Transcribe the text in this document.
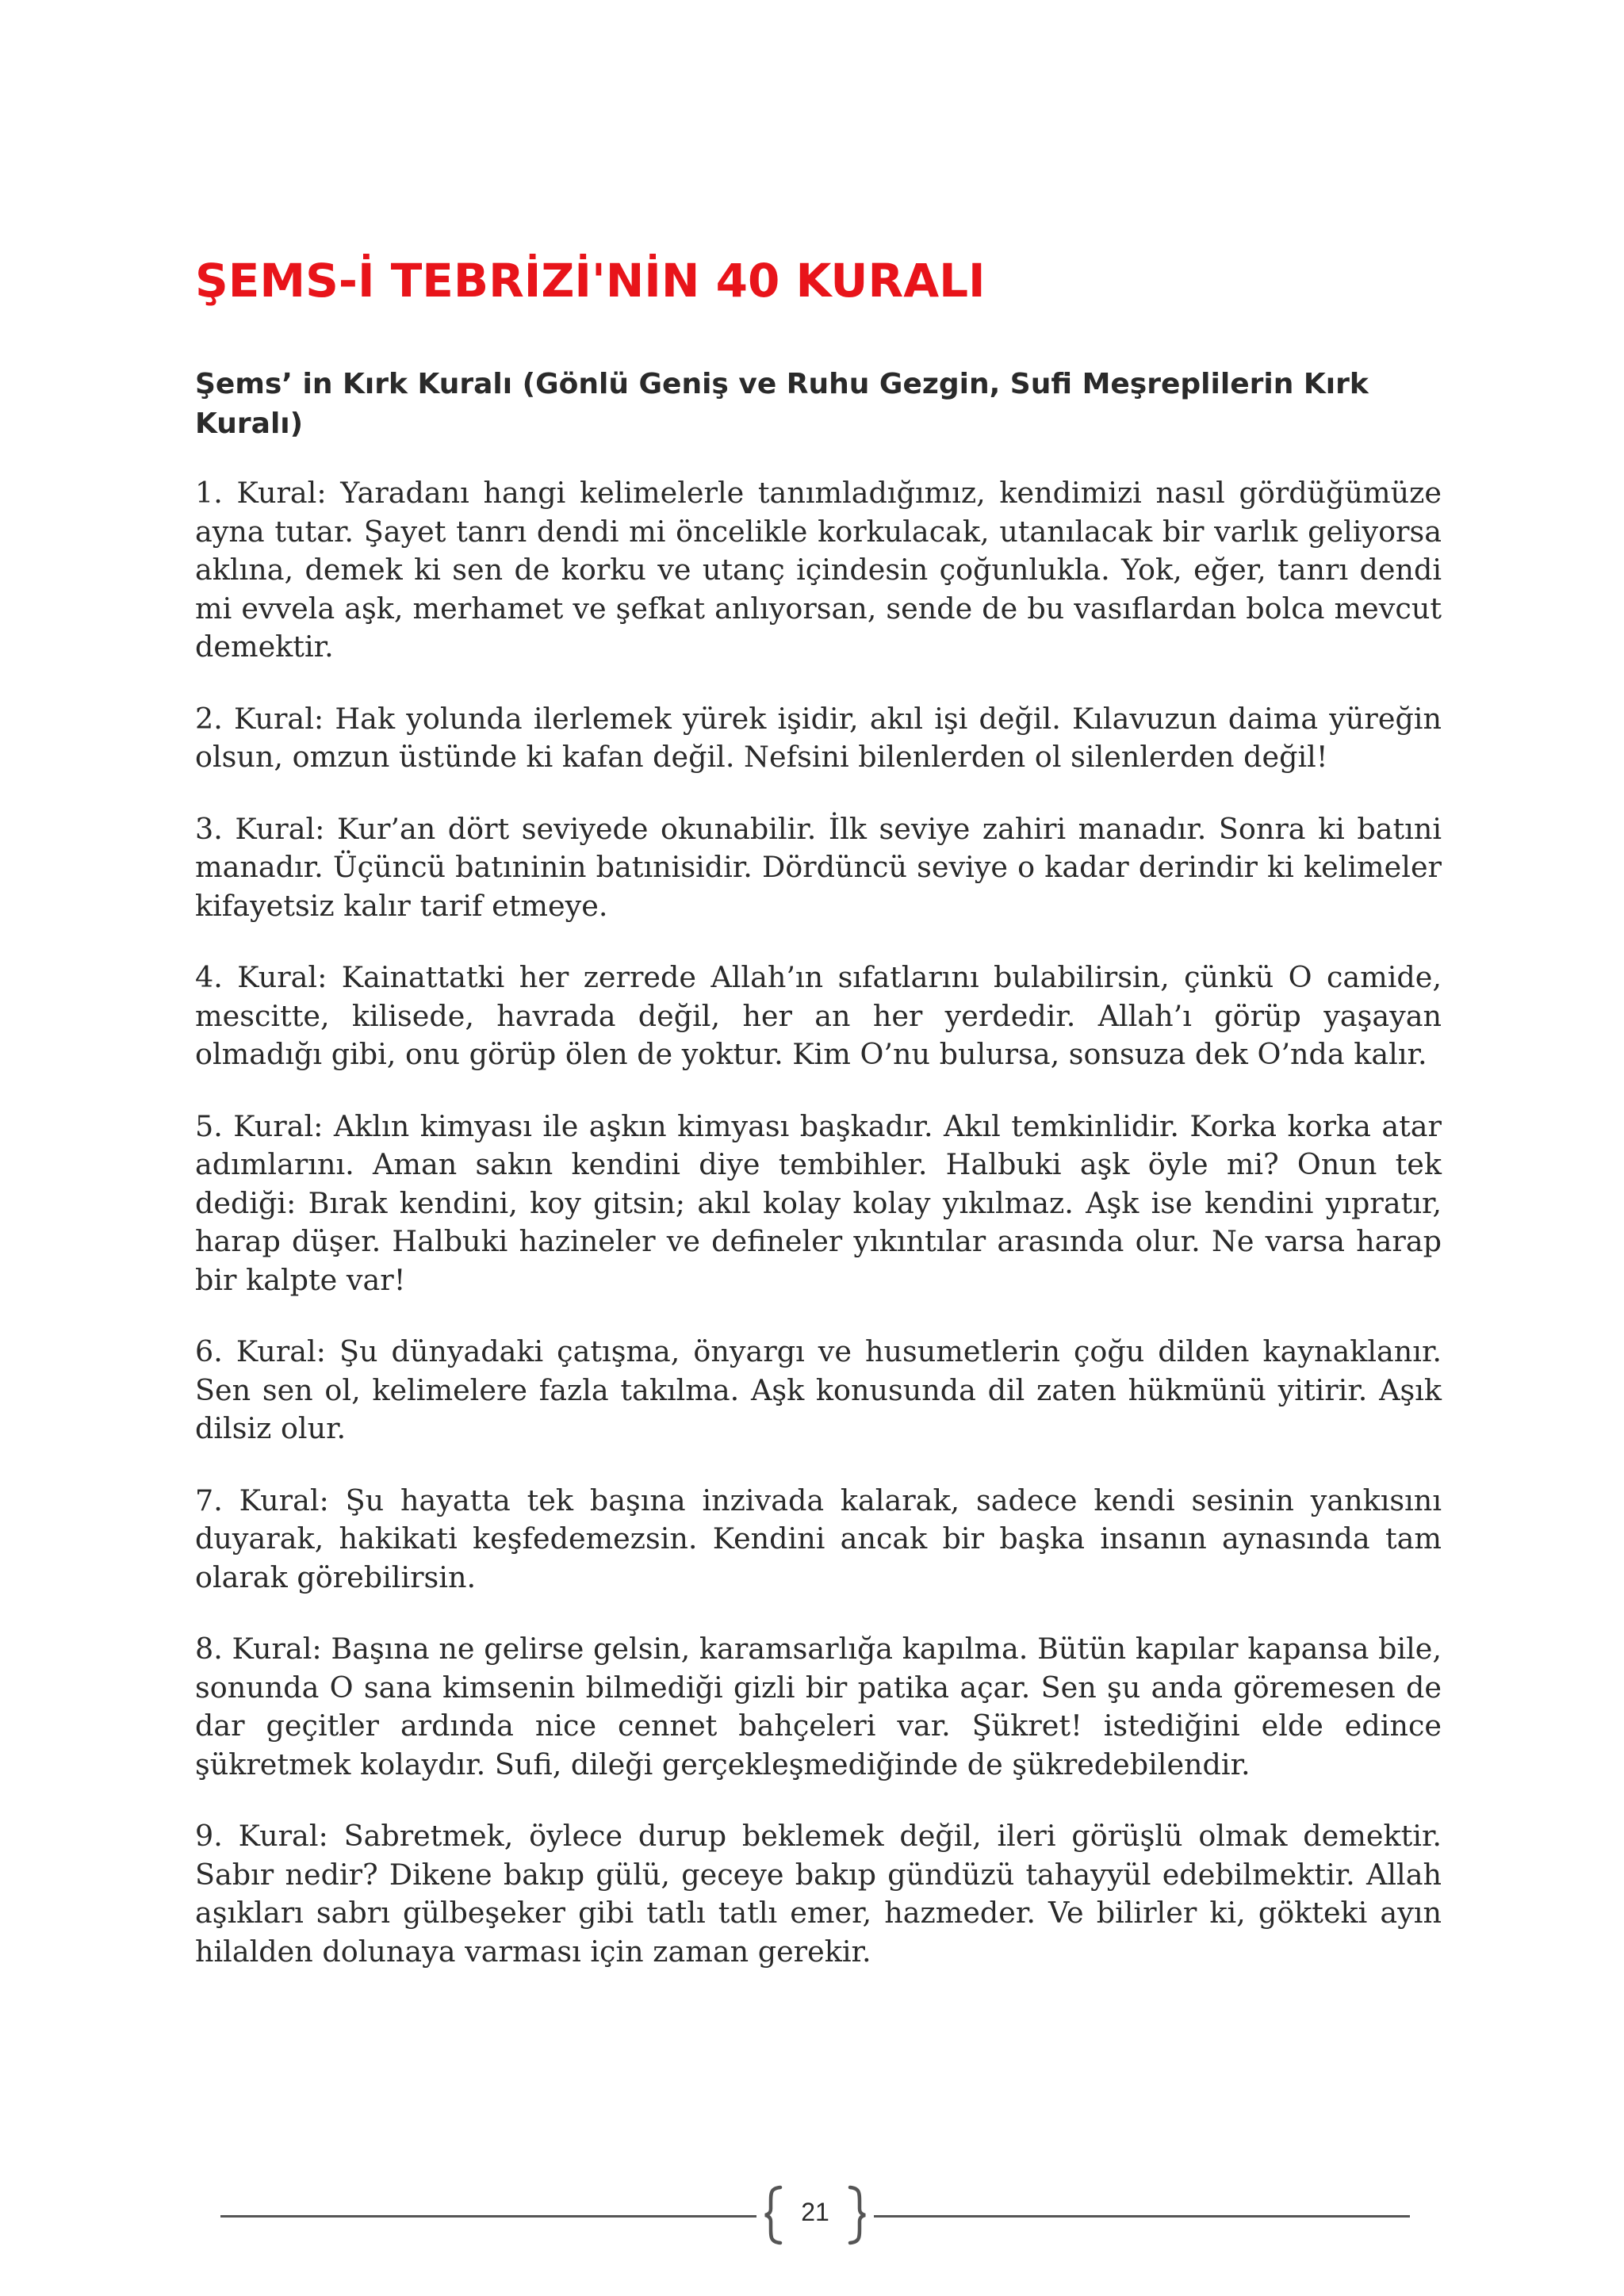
ŞEMS-İ TEBRİZİ'NİN 40 KURALI
Şems’ in Kırk Kuralı (Gönlü Geniş ve Ruhu Gezgin, Sufi Meşreplilerin Kırk Kuralı)

1. Kural: Yaradanı hangi kelimelerle tanımladığımız, kendimizi nasıl gördüğümüze ayna tutar. Şayet tanrı dendi mi öncelikle korkulacak, utanılacak bir varlık geliyorsa aklına, demek ki sen de korku ve utanç içindesin çoğunlukla. Yok, eğer, tanrı dendi mi evvela aşk, merhamet ve şefkat anlıyorsan, sende de bu vasıflardan bolca mevcut demektir.

2. Kural: Hak yolunda ilerlemek yürek işidir, akıl işi değil. Kılavuzun daima yüreğin olsun, omzun üstünde ki kafan değil. Nefsini bilenlerden ol silenlerden değil!

3. Kural: Kur’an dört seviyede okunabilir. İlk seviye zahiri manadır. Sonra ki batıni manadır. Üçüncü batıninin batınisidir. Dördüncü seviye o kadar derindir ki kelimeler kifayetsiz kalır tarif etmeye.

4. Kural: Kainattatki her zerrede Allah’ın sıfatlarını bulabilirsin, çünkü O camide, mescitte, kilisede, havrada değil, her an her yerdedir. Allah’ı görüp yaşayan olmadığı gibi, onu görüp ölen de yoktur. Kim O’nu bulursa, sonsuza dek O’nda kalır.

5. Kural: Aklın kimyası ile aşkın kimyası başkadır. Akıl temkinlidir. Korka korka atar adımlarını. Aman sakın kendini diye tembihler. Halbuki aşk öyle mi? Onun tek dediği: Bırak kendini, koy gitsin; akıl kolay kolay yıkılmaz. Aşk ise kendini yıpratır, harap düşer. Halbuki hazineler ve defineler yıkıntılar arasında olur. Ne varsa harap bir kalpte var!

6. Kural: Şu dünyadaki çatışma, önyargı ve husumetlerin çoğu dilden kaynaklanır. Sen sen ol, kelimelere fazla takılma. Aşk konusunda dil zaten hükmünü yitirir. Aşık dilsiz olur.

7. Kural: Şu hayatta tek başına inzivada kalarak, sadece kendi sesinin yankısını duyarak, hakikati keşfedemezsin. Kendini ancak bir başka insanın aynasında tam olarak görebilirsin.

8. Kural: Başına ne gelirse gelsin, karamsarlığa kapılma. Bütün kapılar kapansa bile, sonunda O sana kimsenin bilmediği gizli bir patika açar. Sen şu anda göremesen de dar geçitler ardında nice cennet bahçeleri var. Şükret! istediğini elde edince şükretmek kolaydır. Sufi, dileği gerçekleşmediğinde de şükredebilendir.

9. Kural: Sabretmek, öylece durup beklemek değil, ileri görüşlü olmak demektir. Sabır nedir? Dikene bakıp gülü, geceye bakıp gündüzü tahayyül edebilmektir. Allah aşıkları sabrı gülbeşeker gibi tatlı tatlı emer, hazmeder. Ve bilirler ki, gökteki ayın hilalden dolunaya varması için zaman gerekir.

21
